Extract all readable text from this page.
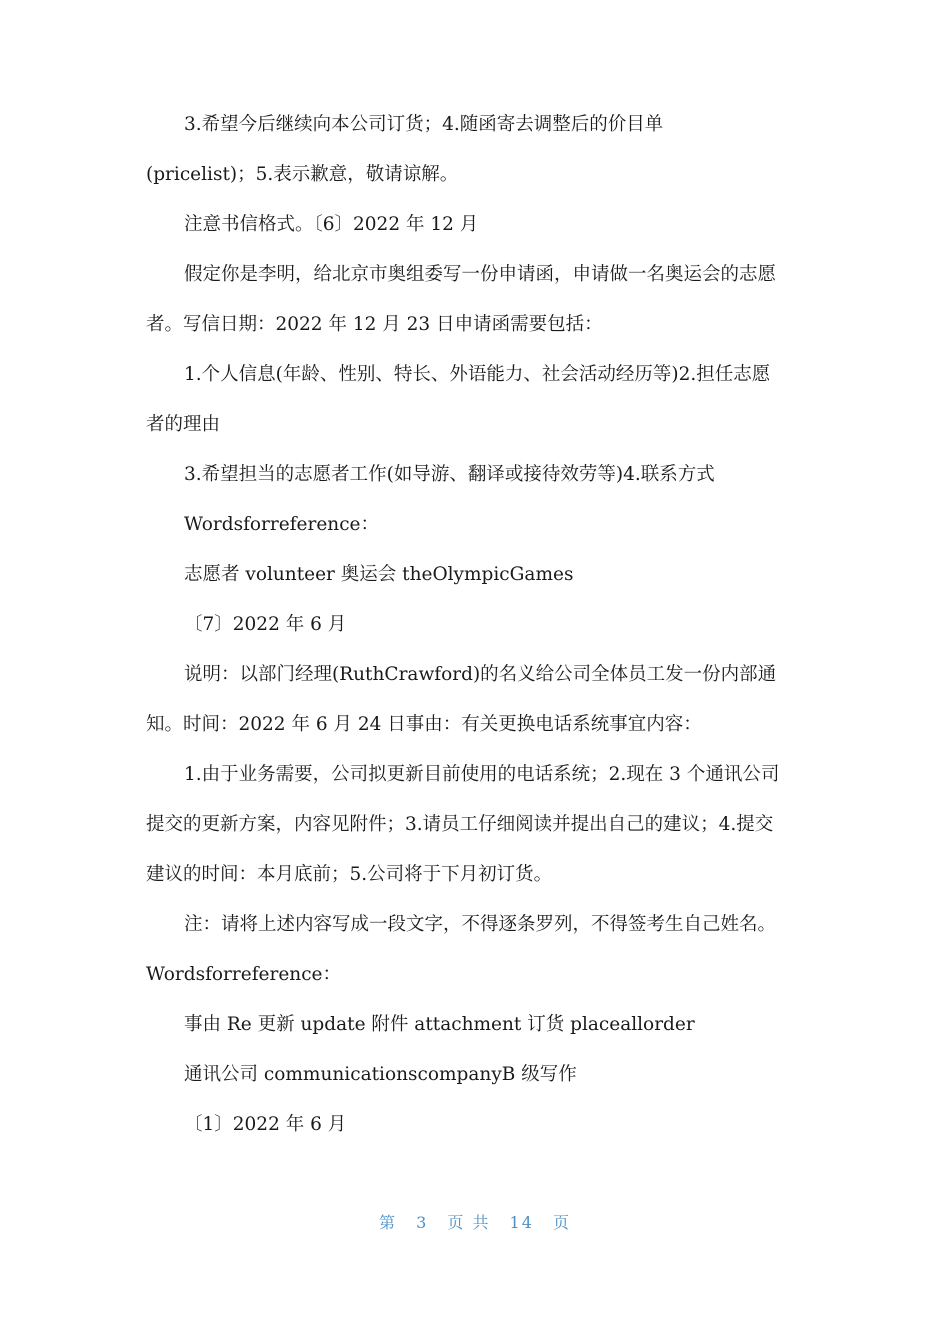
3.希望今后继续向本公司订货；4.随函寄去调整后的价目单
(pricelist)；5.表示歉意，敬请谅解。
注意书信格式。〔6〕2022 年 12 月
假定你是李明，给北京市奥组委写一份申请函，申请做一名奥运会的志愿
者。写信日期：2022 年 12 月 23 日申请函需要包括：
1.个人信息(年龄、性别、特长、外语能力、社会活动经历等)2.担任志愿
者的理由
3.希望担当的志愿者工作(如导游、翻译或接待效劳等)4.联系方式
Wordsforreference：
志愿者 volunteer 奥运会 theOlympicGames
〔7〕2022 年 6 月
说明：以部门经理(RuthCrawford)的名义给公司全体员工发一份内部通
知。时间：2022 年 6 月 24 日事由：有关更换电话系统事宜内容：
1.由于业务需要，公司拟更新目前使用的电话系统；2.现在 3 个通讯公司
提交的更新方案，内容见附件；3.请员工仔细阅读并提出自己的建议；4.提交
建议的时间：本月底前；5.公司将于下月初订货。
注：请将上述内容写成一段文字，不得逐条罗列，不得签考生自己姓名。
Wordsforreference：
事由 Re 更新 update 附件 attachment 订货 placeallorder
通讯公司 communicationscompanyB 级写作
〔1〕2022 年 6 月
第 3 页 共 14 页
